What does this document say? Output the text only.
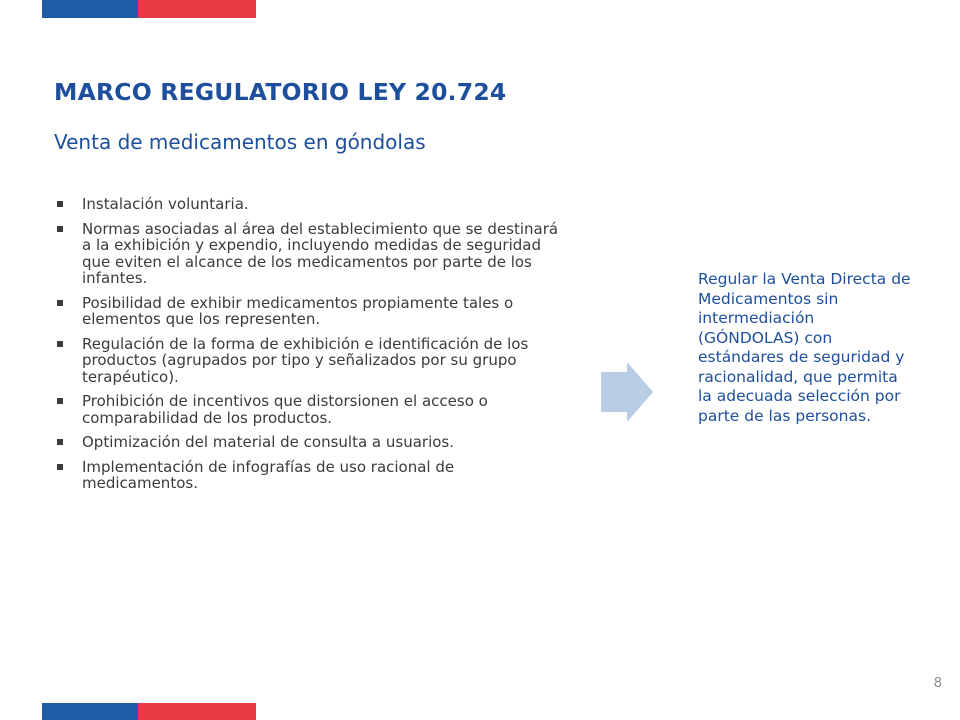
MARCO REGULATORIO LEY 20.724
Venta de medicamentos en góndolas
Instalación voluntaria.
Normas asociadas al área del establecimiento que se destinará a la exhibición y expendio, incluyendo medidas de seguridad que eviten el alcance de los medicamentos por parte de los infantes.
Posibilidad de exhibir medicamentos propiamente tales o elementos que los representen.
Regulación de la forma de exhibición e identificación de los productos (agrupados por tipo y señalizados por su grupo terapéutico).
Prohibición de incentivos que distorsionen el acceso o comparabilidad de los productos.
Optimización del material de consulta a usuarios.
Implementación de infografías de uso racional de medicamentos.

Regular la Venta Directa de Medicamentos sin intermediación (GÓNDOLAS) con estándares de seguridad y racionalidad, que permita la adecuada selección por parte de las personas.

8
